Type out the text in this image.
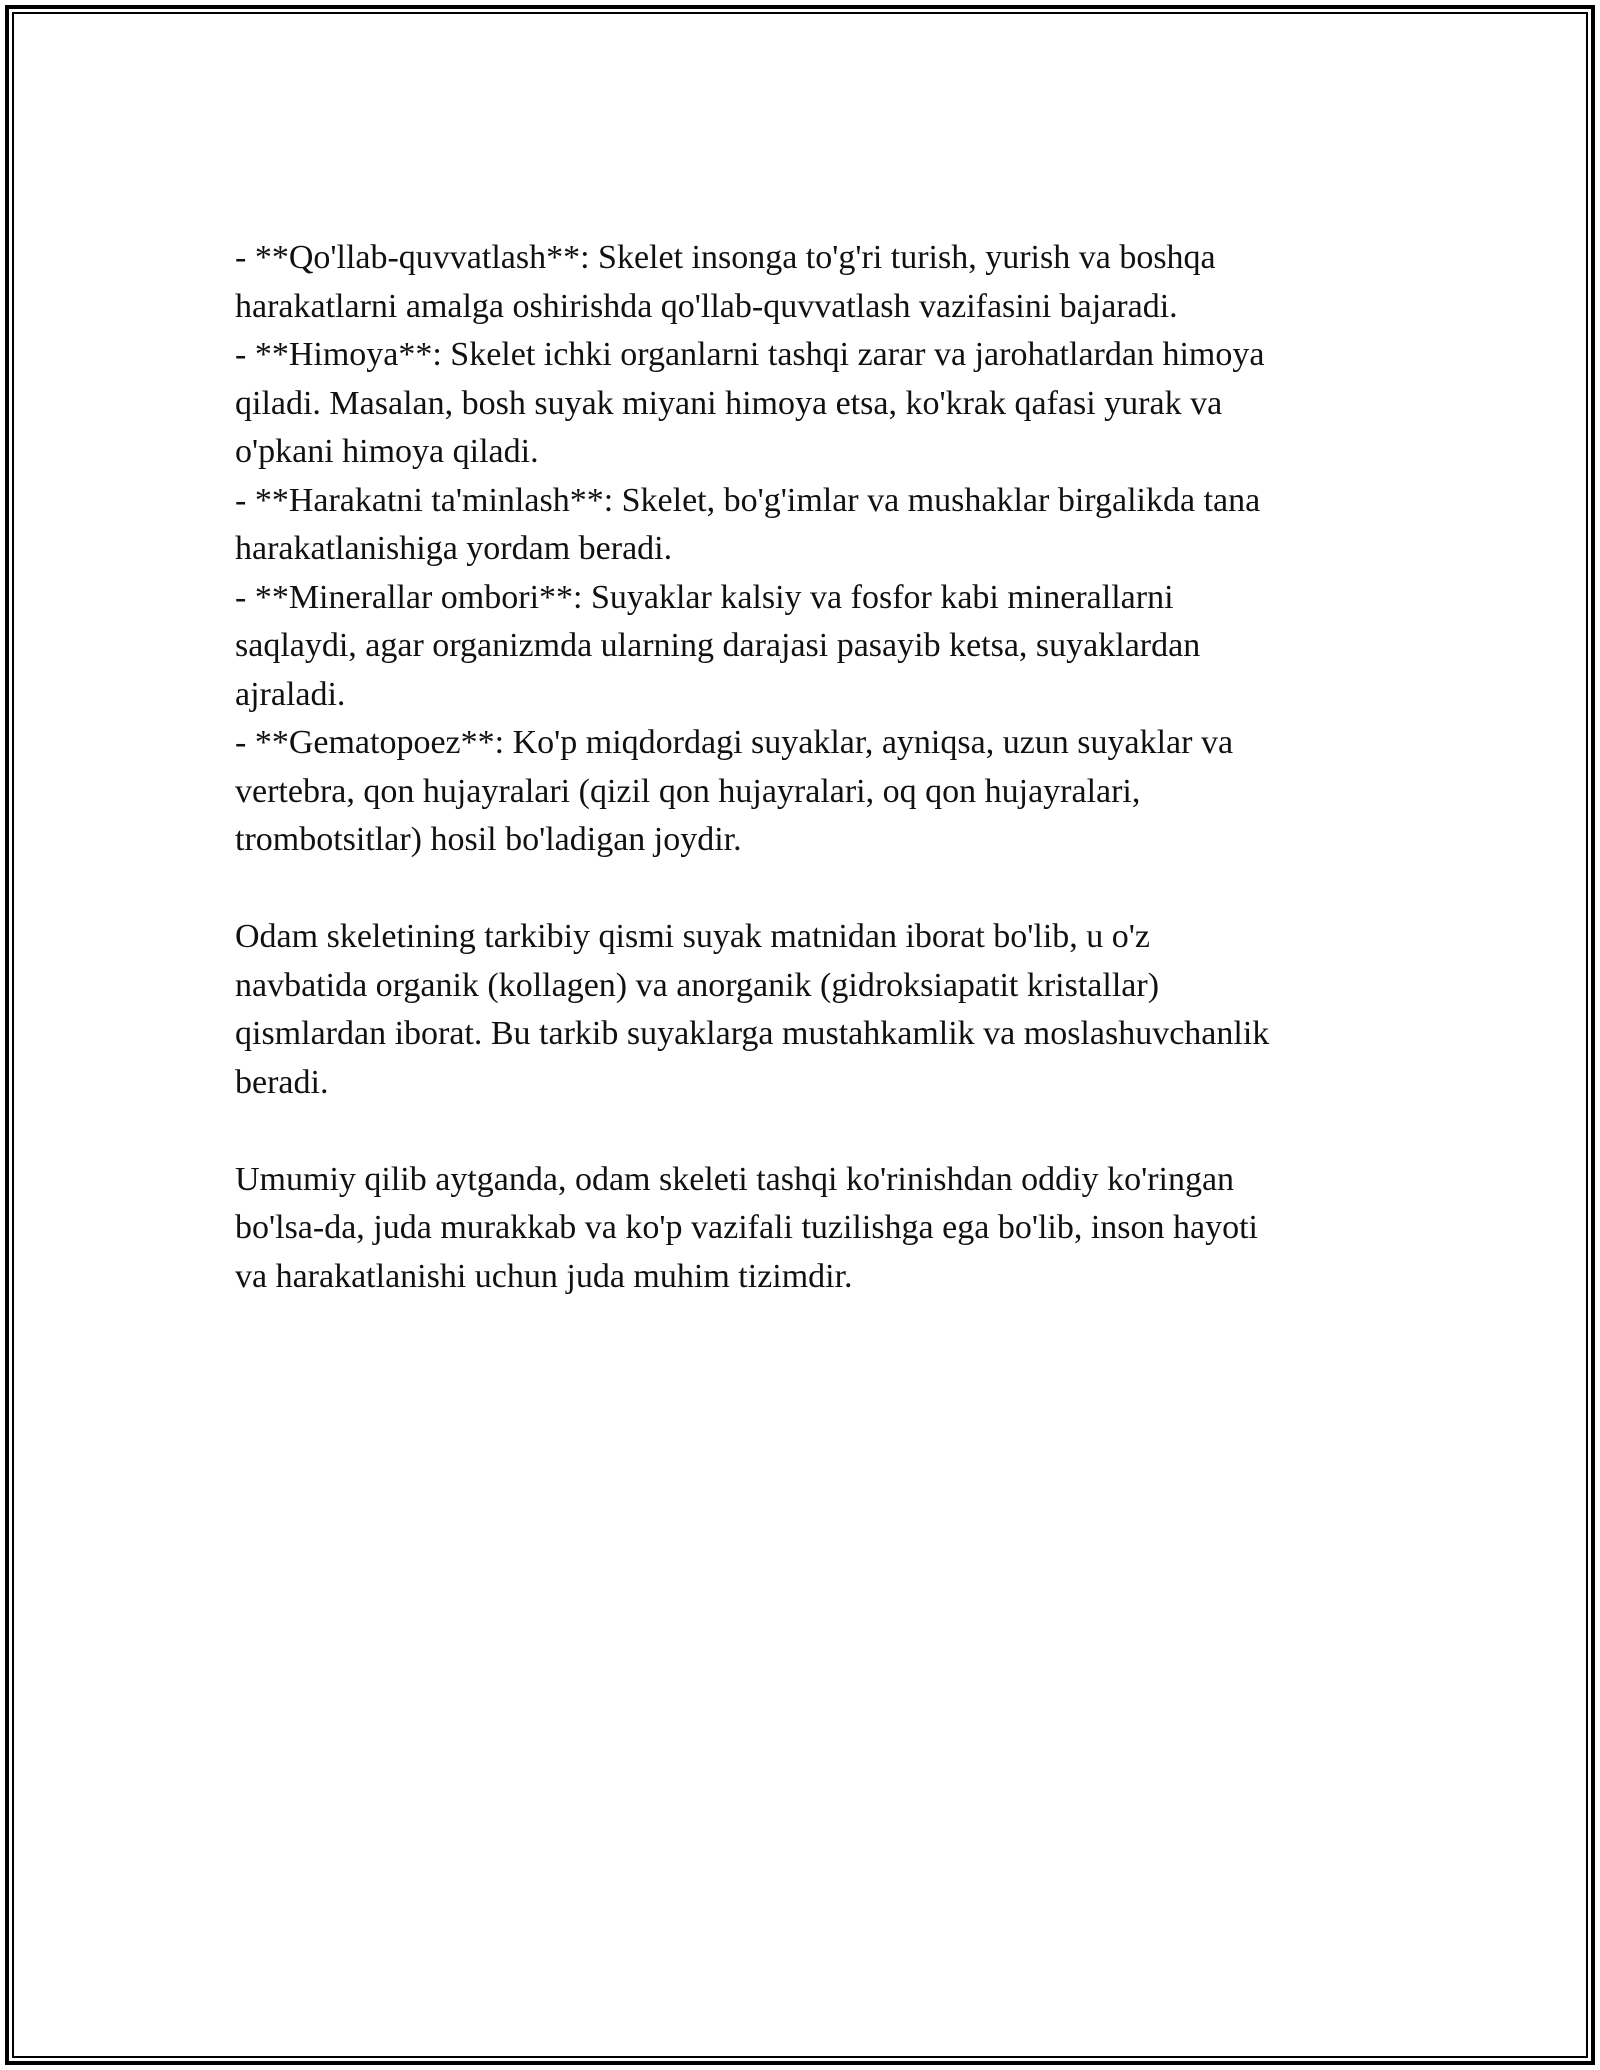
- **Qo'llab-quvvatlash**: Skelet insonga to'g'ri turish, yurish va boshqa

harakatlarni amalga oshirishda qo'llab-quvvatlash vazifasini bajaradi.

- **Himoya**: Skelet ichki organlarni tashqi zarar va jarohatlardan himoya

qiladi. Masalan, bosh suyak miyani himoya etsa, ko'krak qafasi yurak va

o'pkani himoya qiladi.

- **Harakatni ta'minlash**: Skelet, bo'g'imlar va mushaklar birgalikda tana

harakatlanishiga yordam beradi.

- **Minerallar ombori**: Suyaklar kalsiy va fosfor kabi minerallarni

saqlaydi, agar organizmda ularning darajasi pasayib ketsa, suyaklardan

ajraladi.

- **Gematopoez**: Ko'p miqdordagi suyaklar, ayniqsa, uzun suyaklar va

vertebra, qon hujayralari (qizil qon hujayralari, oq qon hujayralari,

trombotsitlar) hosil bo'ladigan joydir.

Odam skeletining tarkibiy qismi suyak matnidan iborat bo'lib, u o'z

navbatida organik (kollagen) va anorganik (gidroksiapatit kristallar)

qismlardan iborat. Bu tarkib suyaklarga mustahkamlik va moslashuvchanlik

beradi.

Umumiy qilib aytganda, odam skeleti tashqi ko'rinishdan oddiy ko'ringan

bo'lsa-da, juda murakkab va ko'p vazifali tuzilishga ega bo'lib, inson hayoti

va harakatlanishi uchun juda muhim tizimdir.
